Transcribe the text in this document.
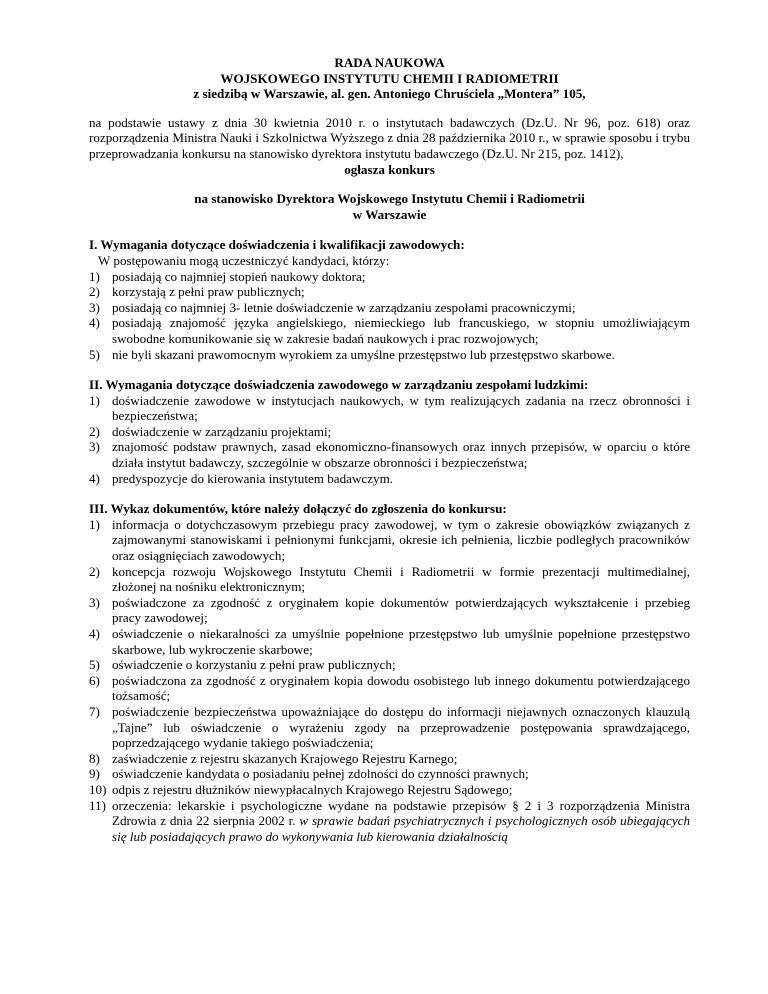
RADA NAUKOWA
WOJSKOWEGO INSTYTUTU CHEMII I RADIOMETRII
z siedzibą w Warszawie, al. gen. Antoniego Chruściela „Montera” 105,
na podstawie ustawy z dnia 30 kwietnia 2010 r. o instytutach badawczych (Dz.U. Nr 96, poz. 618) oraz rozporządzenia Ministra Nauki i Szkolnictwa Wyższego z dnia 28 października 2010 r., w sprawie sposobu i trybu przeprowadzania konkursu na stanowisko dyrektora instytutu badawczego (Dz.U. Nr 215, poz. 1412),
ogłasza konkurs
na stanowisko Dyrektora Wojskowego Instytutu Chemii i Radiometrii
w Warszawie
I. Wymagania dotyczące doświadczenia i kwalifikacji zawodowych:
W postępowaniu mogą uczestniczyć kandydaci, którzy:
1) posiadają co najmniej stopień naukowy doktora;
2) korzystają z pełni praw publicznych;
3) posiadają co najmniej 3- letnie doświadczenie w zarządzaniu zespołami pracowniczymi;
4) posiadają znajomość języka angielskiego, niemieckiego lub francuskiego, w stopniu umożliwiającym swobodne komunikowanie się w zakresie badań naukowych i prac rozwojowych;
5) nie byli skazani prawomocnym wyrokiem za umyślne przestępstwo lub przestępstwo skarbowe.
II. Wymagania dotyczące doświadczenia zawodowego w zarządzaniu zespołami ludzkimi:
1) doświadczenie zawodowe w instytucjach naukowych, w tym realizujących zadania na rzecz obronności i bezpieczeństwa;
2) doświadczenie w zarządzaniu projektami;
3) znajomość podstaw prawnych, zasad ekonomiczno-finansowych oraz innych przepisów, w oparciu o które działa instytut badawczy, szczególnie w obszarze obronności i bezpieczeństwa;
4) predyspozycje do kierowania instytutem badawczym.
III. Wykaz dokumentów, które należy dołączyć do zgłoszenia do konkursu:
1) informacja o dotychczasowym przebiegu pracy zawodowej, w tym o zakresie obowiązków związanych z zajmowanymi stanowiskami i pełnionymi funkcjami, okresie ich pełnienia, liczbie podległych pracowników oraz osiągnięciach zawodowych;
2) koncepcja rozwoju Wojskowego Instytutu Chemii i Radiometrii w formie prezentacji multimedialnej, złożonej na nośniku elektronicznym;
3) poświadczone za zgodność z oryginałem kopie dokumentów potwierdzających wykształcenie i przebieg pracy zawodowej;
4) oświadczenie o niekaralności za umyślnie popełnione przestępstwo lub umyślnie popełnione przestępstwo skarbowe, lub wykroczenie skarbowe;
5) oświadczenie o korzystaniu z pełni praw publicznych;
6) poświadczona za zgodność z oryginałem kopia dowodu osobistego lub innego dokumentu potwierdzającego tożsamość;
7) poświadczenie bezpieczeństwa upoważniające do dostępu do informacji niejawnych oznaczonych klauzulą „Tajne” lub oświadczenie o wyrażeniu zgody na przeprowadzenie postępowania sprawdzającego, poprzedzającego wydanie takiego poświadczenia;
8) zaświadczenie z rejestru skazanych Krajowego Rejestru Karnego;
9) oświadczenie kandydata o posiadaniu pełnej zdolności do czynności prawnych;
10) odpis z rejestru dłużników niewypłacalnych Krajowego Rejestru Sądowego;
11) orzeczenia: lekarskie i psychologiczne wydane na podstawie przepisów § 2 i 3 rozporządzenia Ministra Zdrowia z dnia 22 sierpnia 2002 r. w sprawie badań psychiatrycznych i psychologicznych osób ubiegających się lub posiadających prawo do wykonywania lub kierowania działalnością
